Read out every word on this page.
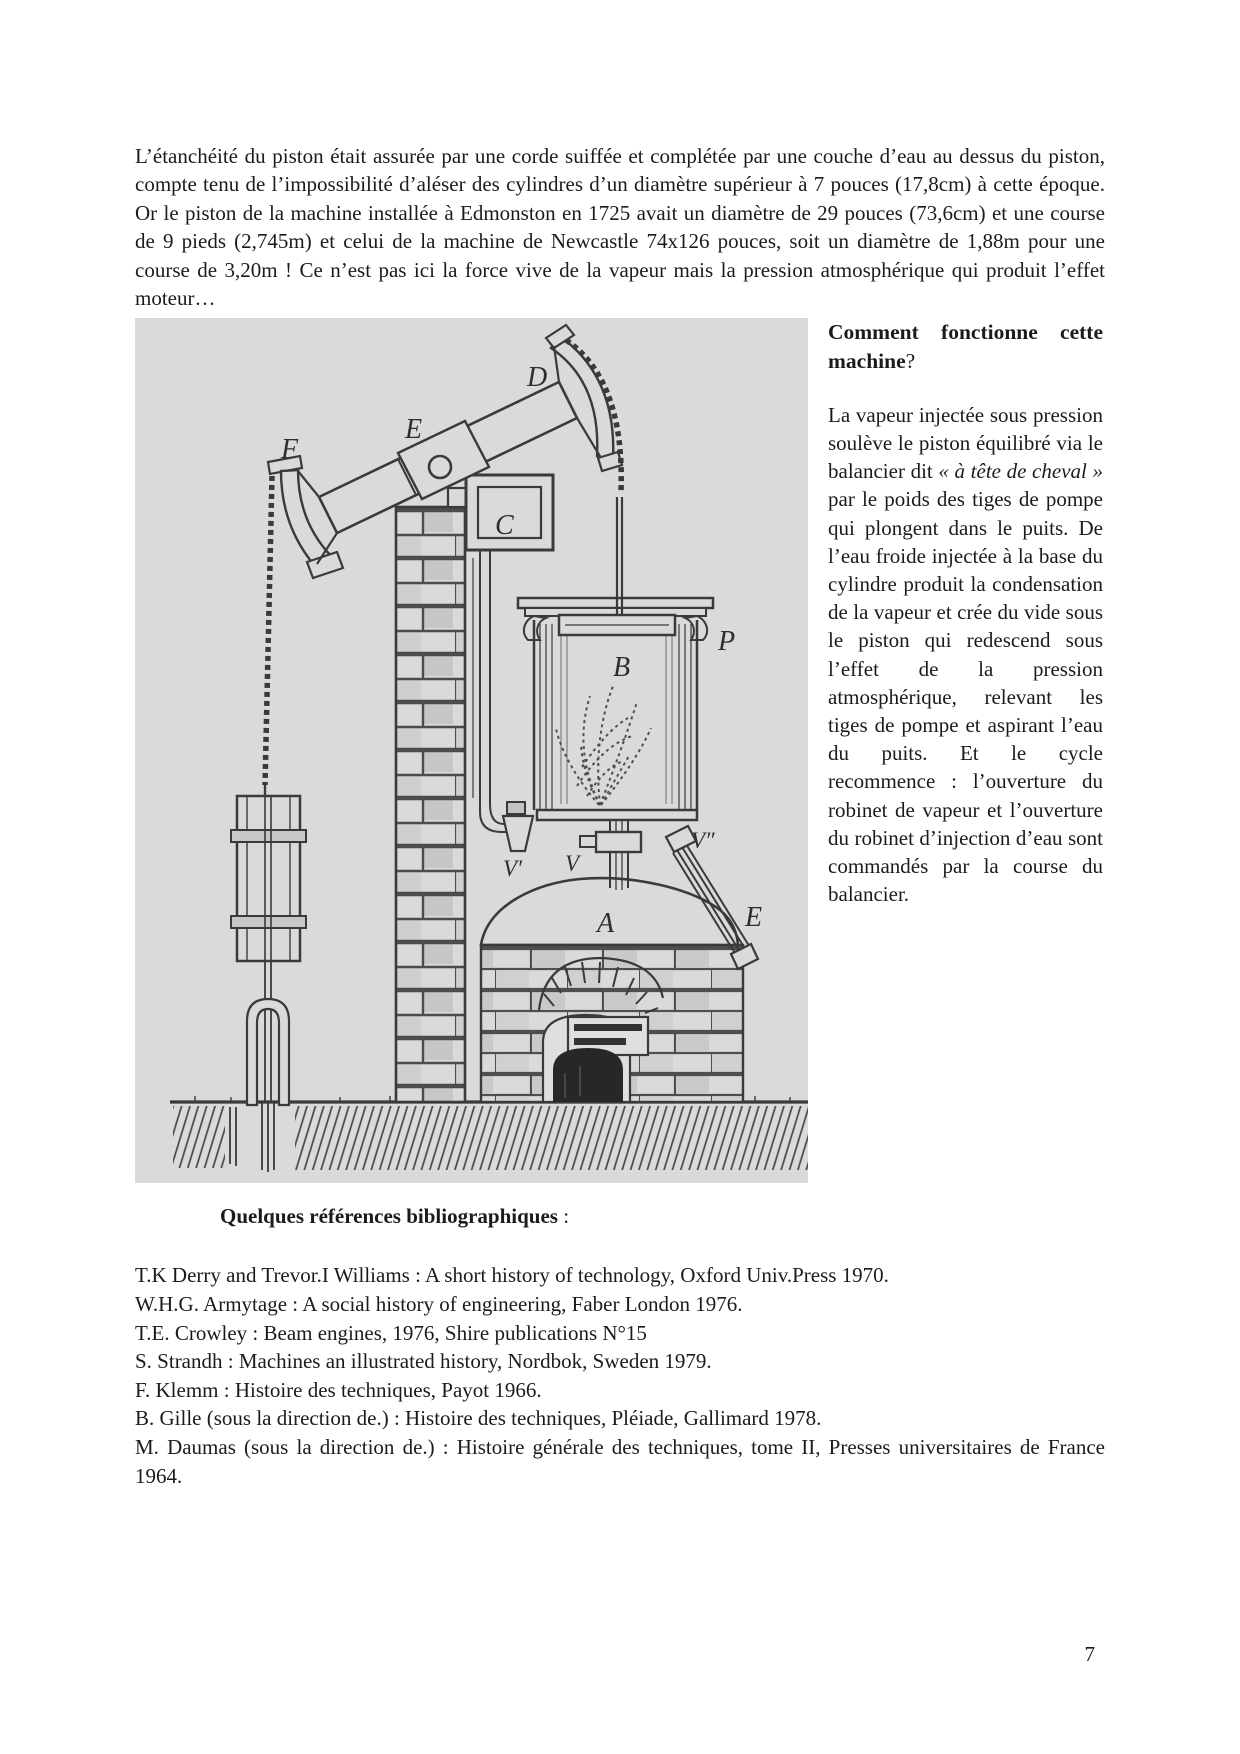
L’étanchéité du piston était assurée par une corde suiffée et complétée par une couche d’eau au dessus du piston, compte tenu de l’impossibilité d’aléser des cylindres d’un diamètre supérieur à 7 pouces (17,8cm) à cette époque. Or le piston de la machine installée à Edmonston en 1725 avait un diamètre de 29 pouces (73,6cm) et une course de 9 pieds (2,745m) et celui de la machine de Newcastle 74x126 pouces, soit un diamètre de 1,88m pour une course de 3,20m ! Ce n’est pas ici la force vive de la vapeur mais la pression atmosphérique qui produit l’effet moteur…

D
E
F
C
P
B
A
V′ V
V″
E
Comment fonctionne cette machine?

La vapeur injectée sous pression soulève le piston équilibré via le balancier dit « à tête de cheval » par le poids des tiges de pompe qui plongent dans le puits. De l’eau froide injectée à la base du cylindre produit la condensation de la vapeur et crée du vide sous le piston qui redescend sous l’effet de la pression atmosphérique, relevant les tiges de pompe et aspirant l’eau du puits. Et le cycle recommence : l’ouverture du robinet de vapeur et l’ouverture du robinet d’injection d’eau sont commandés par la course du balancier.

Quelques références bibliographiques :

T.K Derry and Trevor.I Williams : A short history of technology, Oxford Univ.Press 1970.

W.H.G. Armytage : A social history of engineering, Faber London 1976.

T.E. Crowley : Beam engines, 1976, Shire publications N°15

S. Strandh : Machines an illustrated history, Nordbok, Sweden 1979.

F. Klemm : Histoire des techniques, Payot 1966.

B. Gille (sous la direction de.) : Histoire des techniques, Pléiade, Gallimard 1978.

M. Daumas (sous la direction de.) : Histoire générale des techniques, tome II, Presses universitaires de France 1964.

7
